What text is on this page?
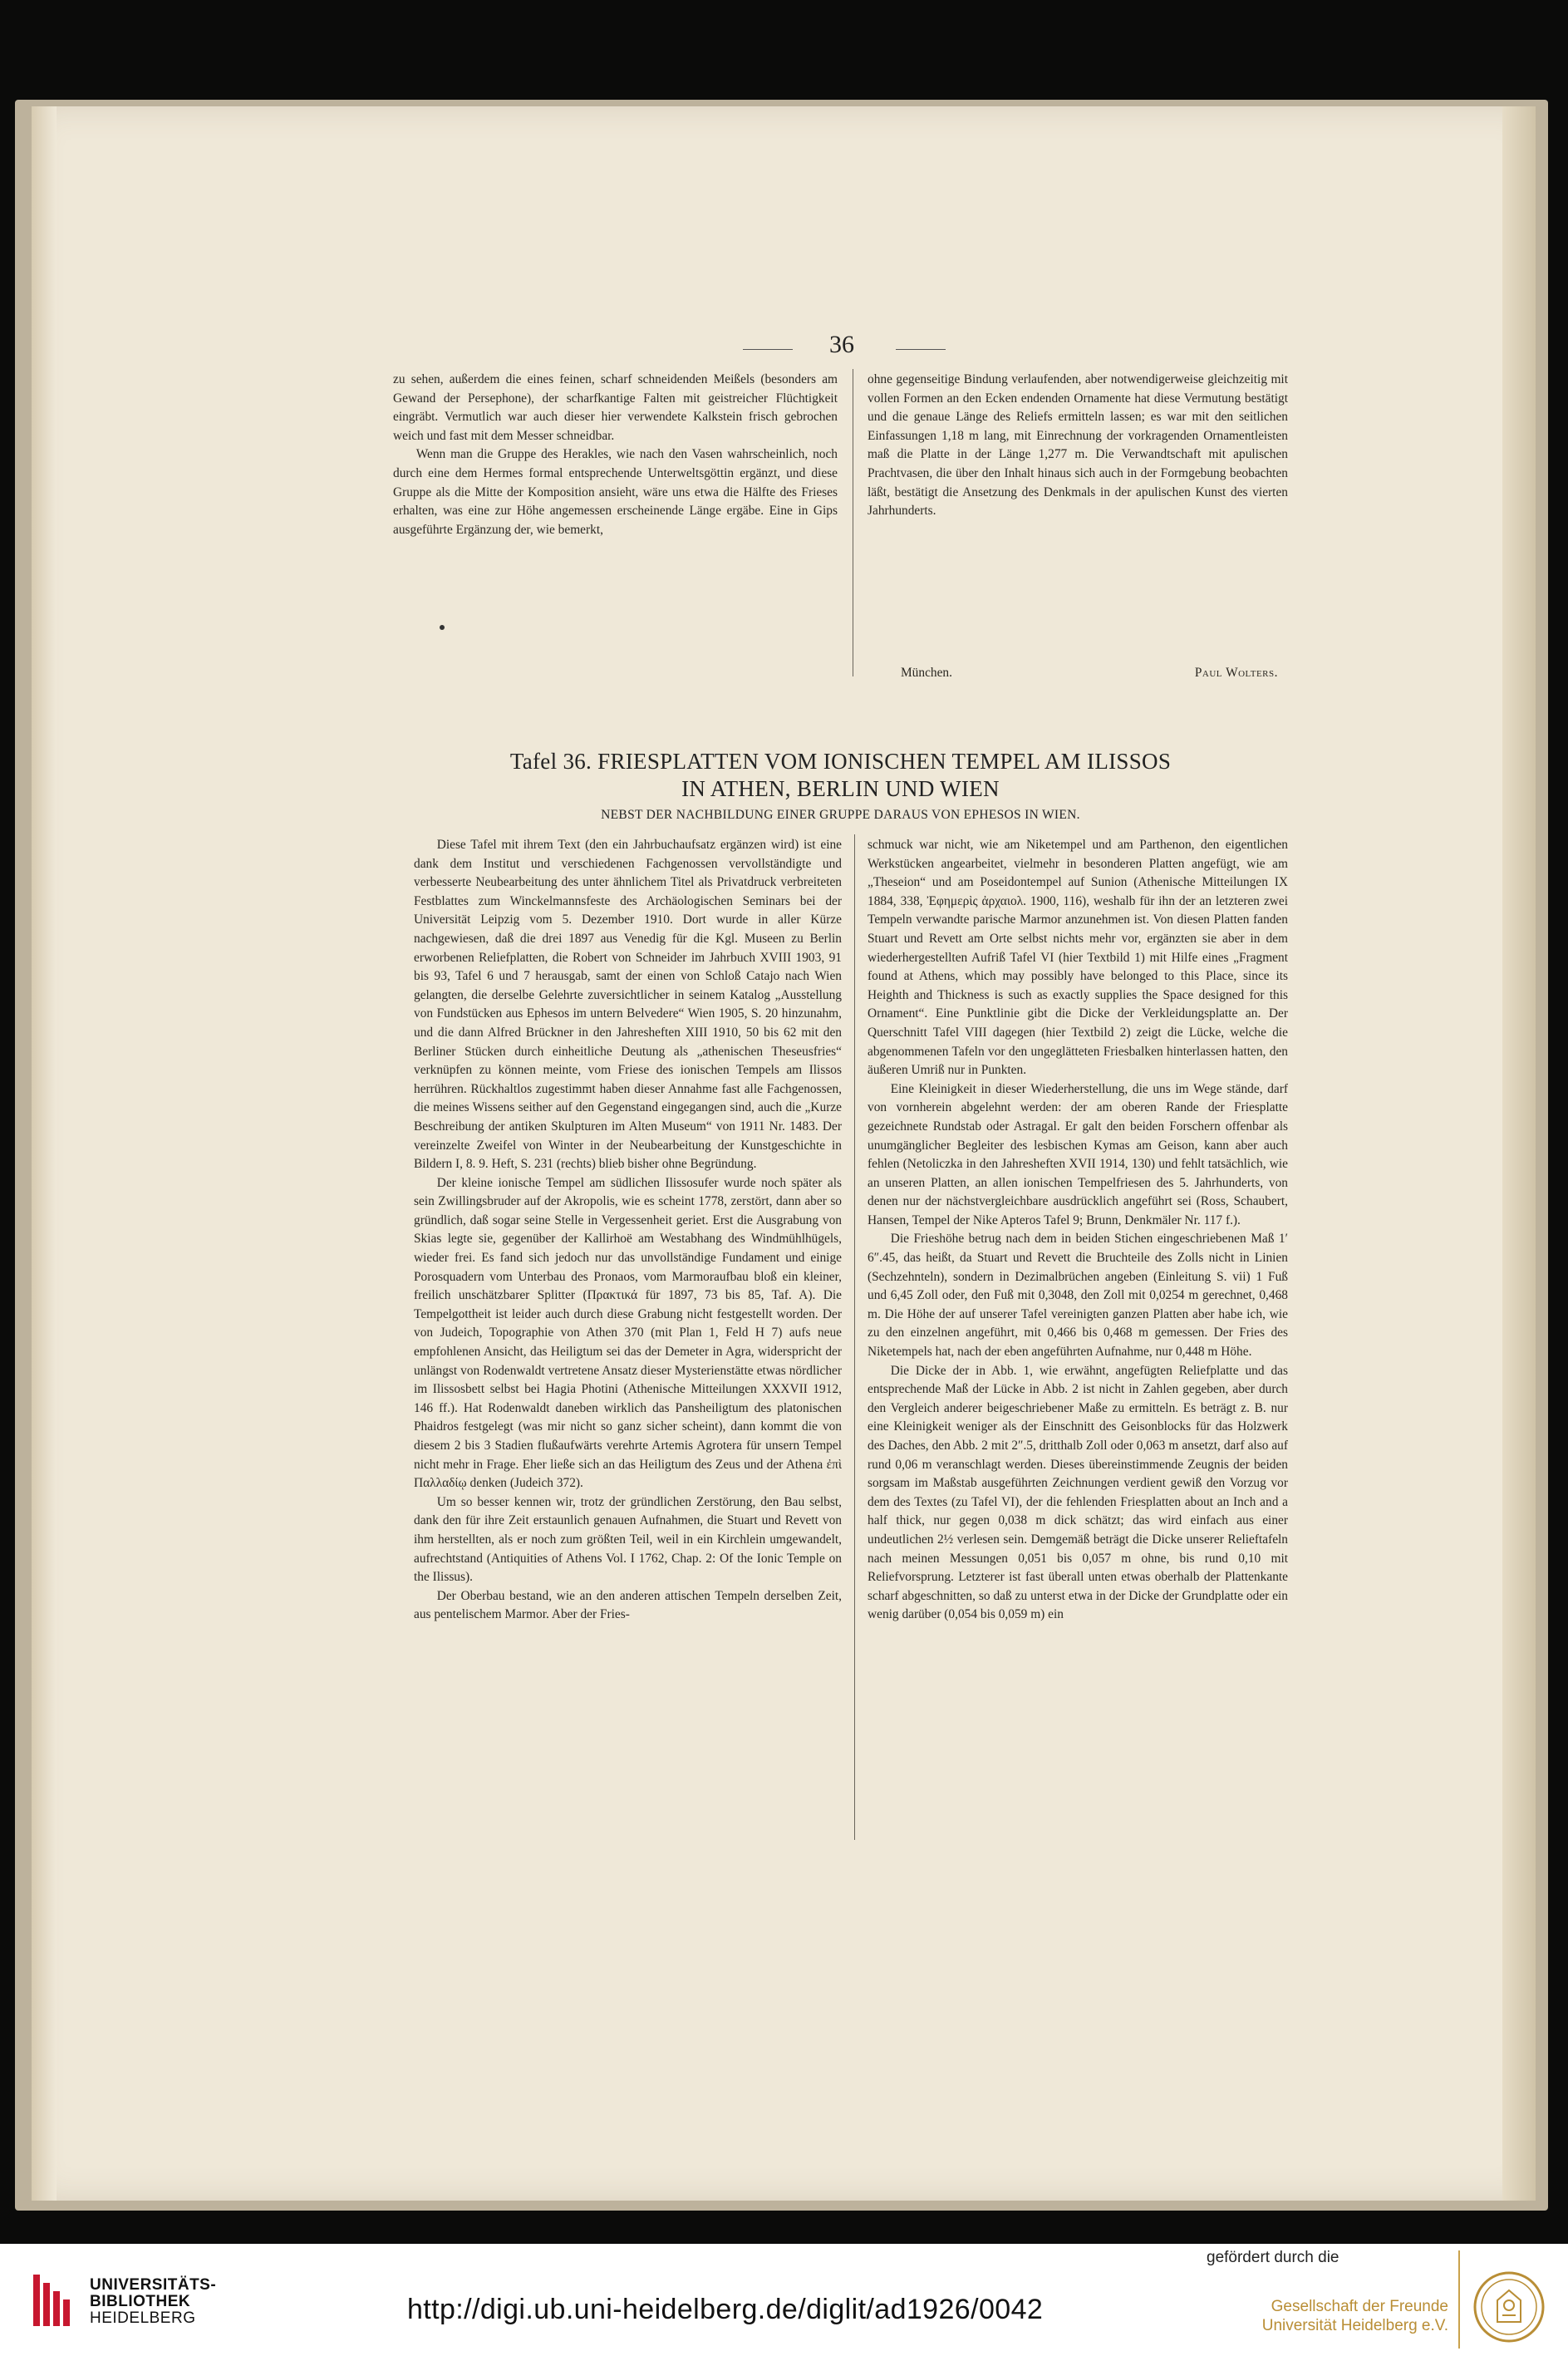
36

zu sehen, außerdem die eines feinen, scharf schneidenden Meißels (besonders am Gewand der Persephone), der scharfkantige Falten mit geistreicher Flüchtigkeit eingräbt. Vermutlich war auch dieser hier verwendete Kalkstein frisch gebrochen weich und fast mit dem Messer schneidbar.

Wenn man die Gruppe des Herakles, wie nach den Vasen wahrscheinlich, noch durch eine dem Hermes formal entsprechende Unterweltsgöttin ergänzt, und diese Gruppe als die Mitte der Komposition ansieht, wäre uns etwa die Hälfte des Frieses erhalten, was eine zur Höhe angemessen erscheinende Länge ergäbe. Eine in Gips ausgeführte Ergänzung der, wie bemerkt,

ohne gegenseitige Bindung verlaufenden, aber notwendigerweise gleichzeitig mit vollen Formen an den Ecken endenden Ornamente hat diese Vermutung bestätigt und die genaue Länge des Reliefs ermitteln lassen; es war mit den seitlichen Einfassungen 1,18 m lang, mit Einrechnung der vorkragenden Ornamentleisten maß die Platte in der Länge 1,277 m. Die Verwandtschaft mit apulischen Prachtvasen, die über den Inhalt hinaus sich auch in der Formgebung beobachten läßt, bestätigt die Ansetzung des Denkmals in der apulischen Kunst des vierten Jahrhunderts.

München.	Paul Wolters.
Tafel 36. FRIESPLATTEN VOM IONISCHEN TEMPEL AM ILISSOS
IN ATHEN, BERLIN UND WIEN
NEBST DER NACHBILDUNG EINER GRUPPE DARAUS VON EPHESOS IN WIEN.

Diese Tafel mit ihrem Text (den ein Jahrbuchaufsatz ergänzen wird) ist eine dank dem Institut und verschiedenen Fachgenossen vervollständigte und verbesserte Neubearbeitung des unter ähnlichem Titel als Privatdruck verbreiteten Festblattes zum Winckelmannsfeste des Archäologischen Seminars bei der Universität Leipzig vom 5. Dezember 1910. Dort wurde in aller Kürze nachgewiesen, daß die drei 1897 aus Venedig für die Kgl. Museen zu Berlin erworbenen Reliefplatten, die Robert von Schneider im Jahrbuch XVIII 1903, 91 bis 93, Tafel 6 und 7 herausgab, samt der einen von Schloß Catajo nach Wien gelangten, die derselbe Gelehrte zuversichtlicher in seinem Katalog „Ausstellung von Fundstücken aus Ephesos im untern Belvedere“ Wien 1905, S. 20 hinzunahm, und die dann Alfred Brückner in den Jahresheften XIII 1910, 50 bis 62 mit den Berliner Stücken durch einheitliche Deutung als „athenischen Theseusfries“ verknüpfen zu können meinte, vom Friese des ionischen Tempels am Ilissos herrühren. Rückhaltlos zugestimmt haben dieser Annahme fast alle Fachgenossen, die meines Wissens seither auf den Gegenstand eingegangen sind, auch die „Kurze Beschreibung der antiken Skulpturen im Alten Museum“ von 1911 Nr. 1483. Der vereinzelte Zweifel von Winter in der Neubearbeitung der Kunstgeschichte in Bildern I, 8. 9. Heft, S. 231 (rechts) blieb bisher ohne Begründung.

Der kleine ionische Tempel am südlichen Ilissosufer wurde noch später als sein Zwillingsbruder auf der Akropolis, wie es scheint 1778, zerstört, dann aber so gründlich, daß sogar seine Stelle in Vergessenheit geriet. Erst die Ausgrabung von Skias legte sie, gegenüber der Kallirhoë am Westabhang des Windmühlhügels, wieder frei. Es fand sich jedoch nur das unvollständige Fundament und einige Porosquadern vom Unterbau des Pronaos, vom Marmoraufbau bloß ein kleiner, freilich unschätzbarer Splitter (Πρακτικά für 1897, 73 bis 85, Taf. A). Die Tempelgottheit ist leider auch durch diese Grabung nicht festgestellt worden. Der von Judeich, Topographie von Athen 370 (mit Plan 1, Feld H 7) aufs neue empfohlenen Ansicht, das Heiligtum sei das der Demeter in Agra, widerspricht der unlängst von Rodenwaldt vertretene Ansatz dieser Mysterienstätte etwas nördlicher im Ilissosbett selbst bei Hagia Photini (Athenische Mitteilungen XXXVII 1912, 146 ff.). Hat Rodenwaldt daneben wirklich das Pansheiligtum des platonischen Phaidros festgelegt (was mir nicht so ganz sicher scheint), dann kommt die von diesem 2 bis 3 Stadien flußaufwärts verehrte Artemis Agrotera für unsern Tempel nicht mehr in Frage. Eher ließe sich an das Heiligtum des Zeus und der Athena ἐπὶ Παλλαδίῳ denken (Judeich 372).

Um so besser kennen wir, trotz der gründlichen Zerstörung, den Bau selbst, dank den für ihre Zeit erstaunlich genauen Aufnahmen, die Stuart und Revett von ihm herstellten, als er noch zum größten Teil, weil in ein Kirchlein umgewandelt, aufrechtstand (Antiquities of Athens Vol. I 1762, Chap. 2: Of the Ionic Temple on the Ilissus).

Der Oberbau bestand, wie an den anderen attischen Tempeln derselben Zeit, aus pentelischem Marmor. Aber der Fries-

schmuck war nicht, wie am Niketempel und am Parthenon, den eigentlichen Werkstücken angearbeitet, vielmehr in besonderen Platten angefügt, wie am „Theseion“ und am Poseidontempel auf Sunion (Athenische Mitteilungen IX 1884, 338, Ἐφημερὶς ἀρχαιολ. 1900, 116), weshalb für ihn der an letzteren zwei Tempeln verwandte parische Marmor anzunehmen ist. Von diesen Platten fanden Stuart und Revett am Orte selbst nichts mehr vor, ergänzten sie aber in dem wiederhergestellten Aufriß Tafel VI (hier Textbild 1) mit Hilfe eines „Fragment found at Athens, which may possibly have belonged to this Place, since its Heighth and Thickness is such as exactly supplies the Space designed for this Ornament“. Eine Punktlinie gibt die Dicke der Verkleidungsplatte an. Der Querschnitt Tafel VIII dagegen (hier Textbild 2) zeigt die Lücke, welche die abgenommenen Tafeln vor den ungeglätteten Friesbalken hinterlassen hatten, den äußeren Umriß nur in Punkten.

Eine Kleinigkeit in dieser Wiederherstellung, die uns im Wege stände, darf von vornherein abgelehnt werden: der am oberen Rande der Friesplatte gezeichnete Rundstab oder Astragal. Er galt den beiden Forschern offenbar als unumgänglicher Begleiter des lesbischen Kymas am Geison, kann aber auch fehlen (Netoliczka in den Jahresheften XVII 1914, 130) und fehlt tatsächlich, wie an unseren Platten, an allen ionischen Tempelfriesen des 5. Jahrhunderts, von denen nur der nächstvergleichbare ausdrücklich angeführt sei (Ross, Schaubert, Hansen, Tempel der Nike Apteros Tafel 9; Brunn, Denkmäler Nr. 117 f.).

Die Frieshöhe betrug nach dem in beiden Stichen eingeschriebenen Maß 1′ 6″.45, das heißt, da Stuart und Revett die Bruchteile des Zolls nicht in Linien (Sechzehnteln), sondern in Dezimalbrüchen angeben (Einleitung S. vii) 1 Fuß und 6,45 Zoll oder, den Fuß mit 0,3048, den Zoll mit 0,0254 m gerechnet, 0,468 m. Die Höhe der auf unserer Tafel vereinigten ganzen Platten aber habe ich, wie zu den einzelnen angeführt, mit 0,466 bis 0,468 m gemessen. Der Fries des Niketempels hat, nach der eben angeführten Aufnahme, nur 0,448 m Höhe.

Die Dicke der in Abb. 1, wie erwähnt, angefügten Reliefplatte und das entsprechende Maß der Lücke in Abb. 2 ist nicht in Zahlen gegeben, aber durch den Vergleich anderer beigeschriebener Maße zu ermitteln. Es beträgt z. B. nur eine Kleinigkeit weniger als der Einschnitt des Geisonblocks für das Holzwerk des Daches, den Abb. 2 mit 2″.5, dritthalb Zoll oder 0,063 m ansetzt, darf also auf rund 0,06 m veranschlagt werden. Dieses übereinstimmende Zeugnis der beiden sorgsam im Maßstab ausgeführten Zeichnungen verdient gewiß den Vorzug vor dem des Textes (zu Tafel VI), der die fehlenden Friesplatten about an Inch and a half thick, nur gegen 0,038 m dick schätzt; das wird einfach aus einer undeutlichen 2½ verlesen sein. Demgemäß beträgt die Dicke unserer Relieftafeln nach meinen Messungen 0,051 bis 0,057 m ohne, bis rund 0,10 mit Reliefvorsprung. Letzterer ist fast überall unten etwas oberhalb der Plattenkante scharf abgeschnitten, so daß zu unterst etwa in der Dicke der Grundplatte oder ein wenig darüber (0,054 bis 0,059 m) ein

UNIVERSITÄTS-
BIBLIOTHEK
HEIDELBERG	http://digi.ub.uni-heidelberg.de/diglit/ad1926/0042
gefördert durch die
Gesellschaft der Freunde
Universität Heidelberg e.V.
